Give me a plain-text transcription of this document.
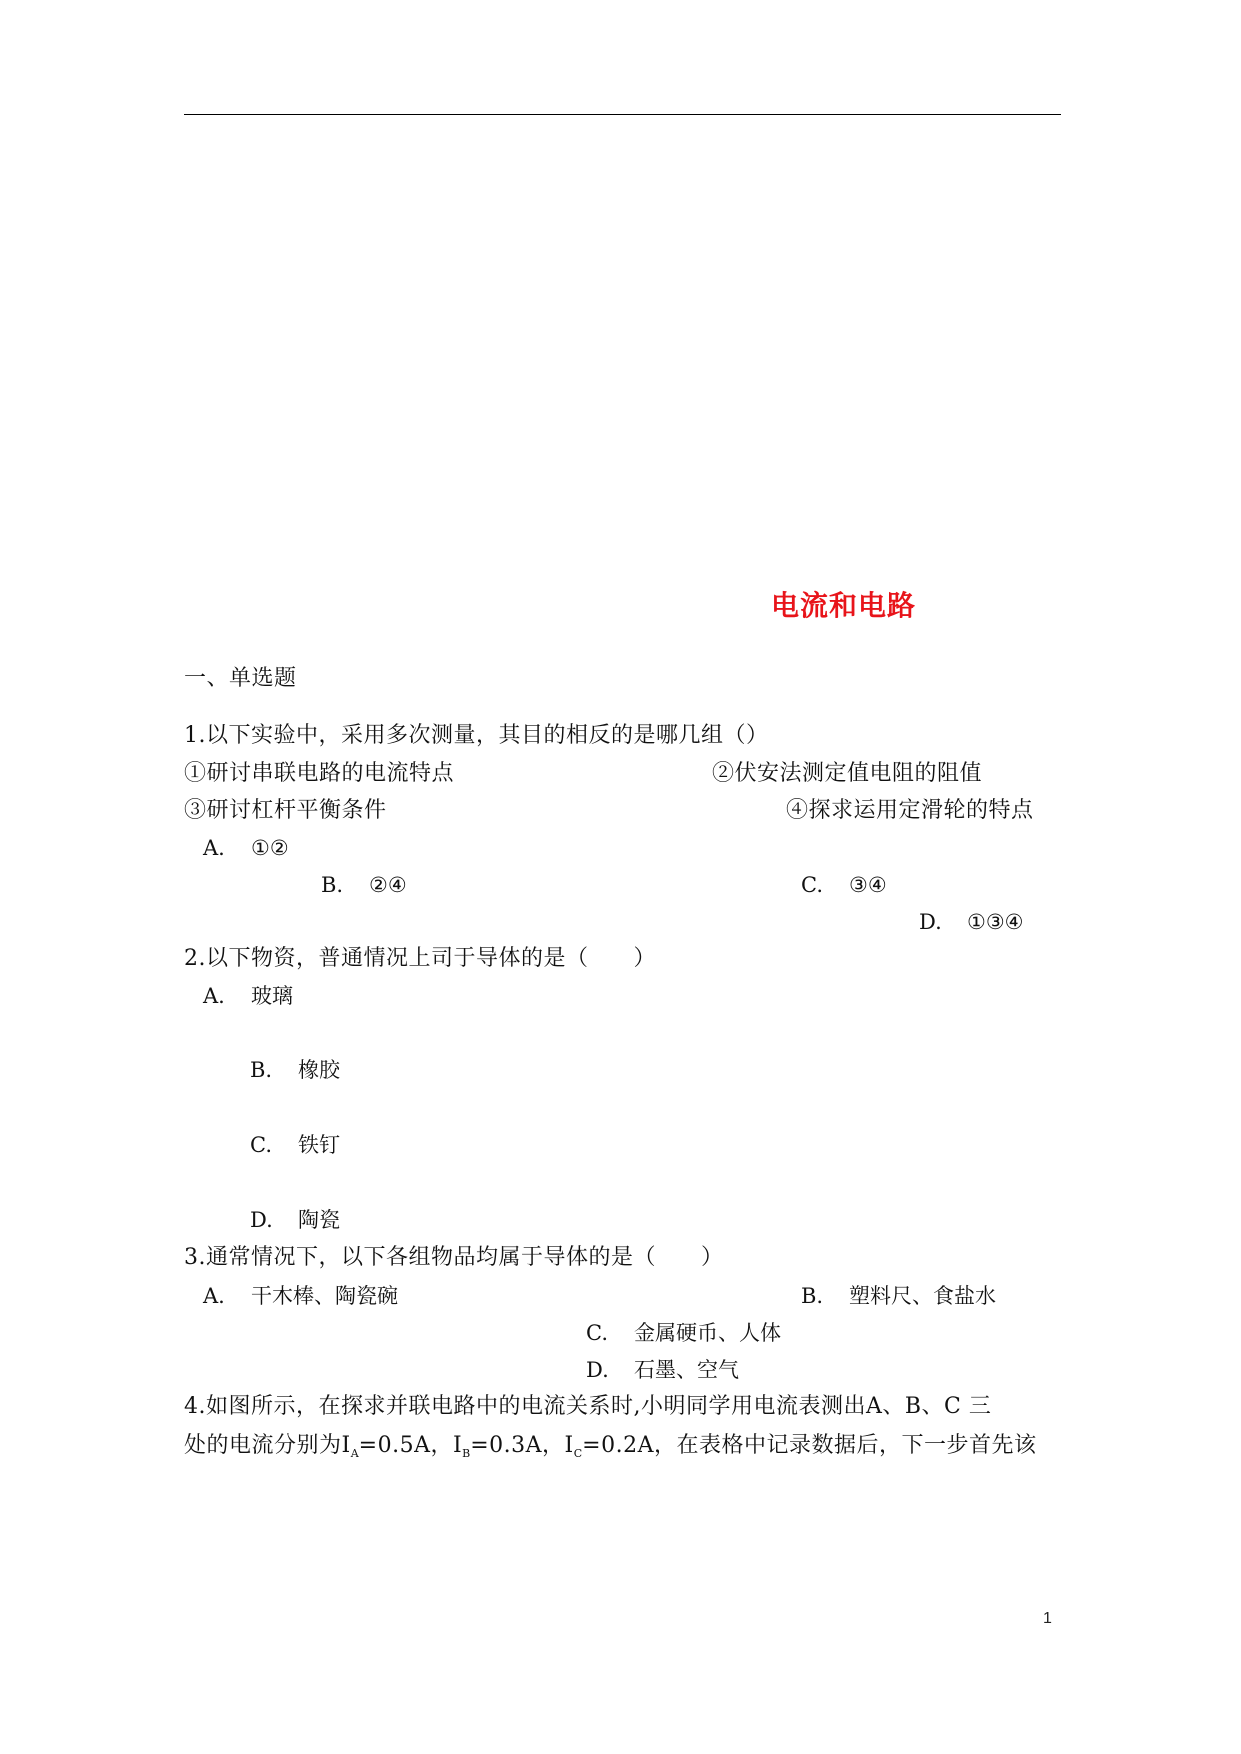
电流和电路
一、单选题
1.以下实验中，采用多次测量，其目的相反的是哪几组（）
①研讨串联电路的电流特点	②伏安法测定值电阻的阻值
③研讨杠杆平衡条件	④探求运用定滑轮的特点
A. ①②
B. ②④	C. ③④
D. ①③④
2.以下物资，普通情况上司于导体的是（　　）
A. 玻璃
B. 橡胶
C. 铁钉
D. 陶瓷
3.通常情况下，以下各组物品均属于导体的是（　　）
A. 干木棒、陶瓷碗	B. 塑料尺、食盐水
C. 金属硬币、人体
D. 石墨、空气
4.如图所示，在探求并联电路中的电流关系时,小明同学用电流表测出A、B、C 三
处的电流分别为$I_A=0.5A$，$I_B=0.3A$，$I_C=0.2A$，在表格中记录数据后，下一步首先该
1
